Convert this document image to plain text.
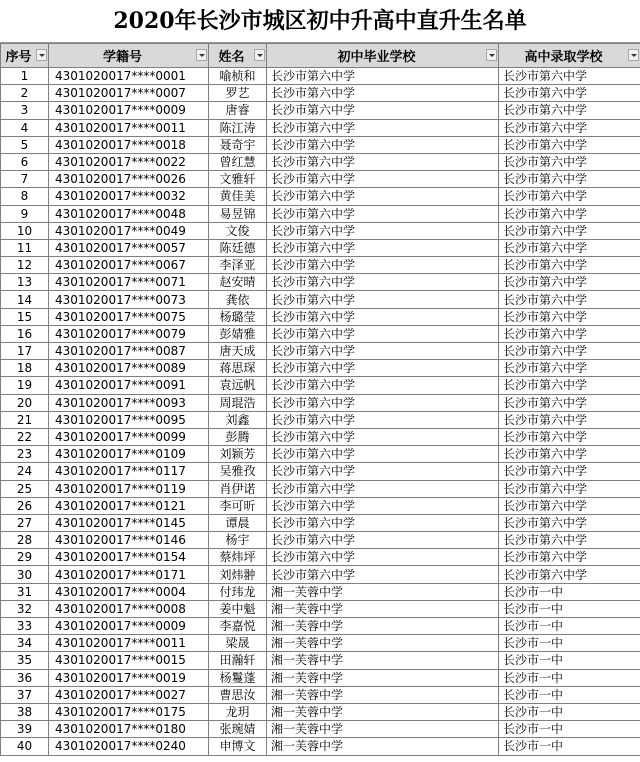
2020年长沙市城区初中升高中直升生名单
序号	学籍号	姓名	初中毕业学校	高中录取学校

1	4301020017****0001	喻桢和	长沙市第六中学	长沙市第六中学
2	4301020017****0007	罗艺	长沙市第六中学	长沙市第六中学
3	4301020017****0009	唐睿	长沙市第六中学	长沙市第六中学
4	4301020017****0011	陈江涛	长沙市第六中学	长沙市第六中学
5	4301020017****0018	聂奇宇	长沙市第六中学	长沙市第六中学
6	4301020017****0022	曾红慧	长沙市第六中学	长沙市第六中学
7	4301020017****0026	文雅轩	长沙市第六中学	长沙市第六中学
8	4301020017****0032	黄佳美	长沙市第六中学	长沙市第六中学
9	4301020017****0048	易昱锦	长沙市第六中学	长沙市第六中学
10	4301020017****0049	文俊	长沙市第六中学	长沙市第六中学
11	4301020017****0057	陈廷德	长沙市第六中学	长沙市第六中学
12	4301020017****0067	李泽亚	长沙市第六中学	长沙市第六中学
13	4301020017****0071	赵安晴	长沙市第六中学	长沙市第六中学
14	4301020017****0073	龚依	长沙市第六中学	长沙市第六中学
15	4301020017****0075	杨璐莹	长沙市第六中学	长沙市第六中学
16	4301020017****0079	彭婧雅	长沙市第六中学	长沙市第六中学
17	4301020017****0087	唐天成	长沙市第六中学	长沙市第六中学
18	4301020017****0089	蒋思琛	长沙市第六中学	长沙市第六中学
19	4301020017****0091	袁远帆	长沙市第六中学	长沙市第六中学
20	4301020017****0093	周琨浩	长沙市第六中学	长沙市第六中学
21	4301020017****0095	刘鑫	长沙市第六中学	长沙市第六中学
22	4301020017****0099	彭腾	长沙市第六中学	长沙市第六中学
23	4301020017****0109	刘颖芳	长沙市第六中学	长沙市第六中学
24	4301020017****0117	吴雅孜	长沙市第六中学	长沙市第六中学
25	4301020017****0119	肖伊诺	长沙市第六中学	长沙市第六中学
26	4301020017****0121	李可昕	长沙市第六中学	长沙市第六中学
27	4301020017****0145	谭晨	长沙市第六中学	长沙市第六中学
28	4301020017****0146	杨宇	长沙市第六中学	长沙市第六中学
29	4301020017****0154	蔡炜坪	长沙市第六中学	长沙市第六中学
30	4301020017****0171	刘炜翀	长沙市第六中学	长沙市第六中学
31	4301020017****0004	付玮龙	湘一芙蓉中学	长沙市一中
32	4301020017****0008	姜中魁	湘一芙蓉中学	长沙市一中
33	4301020017****0009	李嘉悦	湘一芙蓉中学	长沙市一中
34	4301020017****0011	梁晟	湘一芙蓉中学	长沙市一中
35	4301020017****0015	田瀚轩	湘一芙蓉中学	长沙市一中
36	4301020017****0019	杨鬘蓬	湘一芙蓉中学	长沙市一中
37	4301020017****0027	曹思汝	湘一芙蓉中学	长沙市一中
38	4301020017****0175	龙玥	湘一芙蓉中学	长沙市一中
39	4301020017****0180	张琬婧	湘一芙蓉中学	长沙市一中
40	4301020017****0240	申博文	湘一芙蓉中学	长沙市一中
